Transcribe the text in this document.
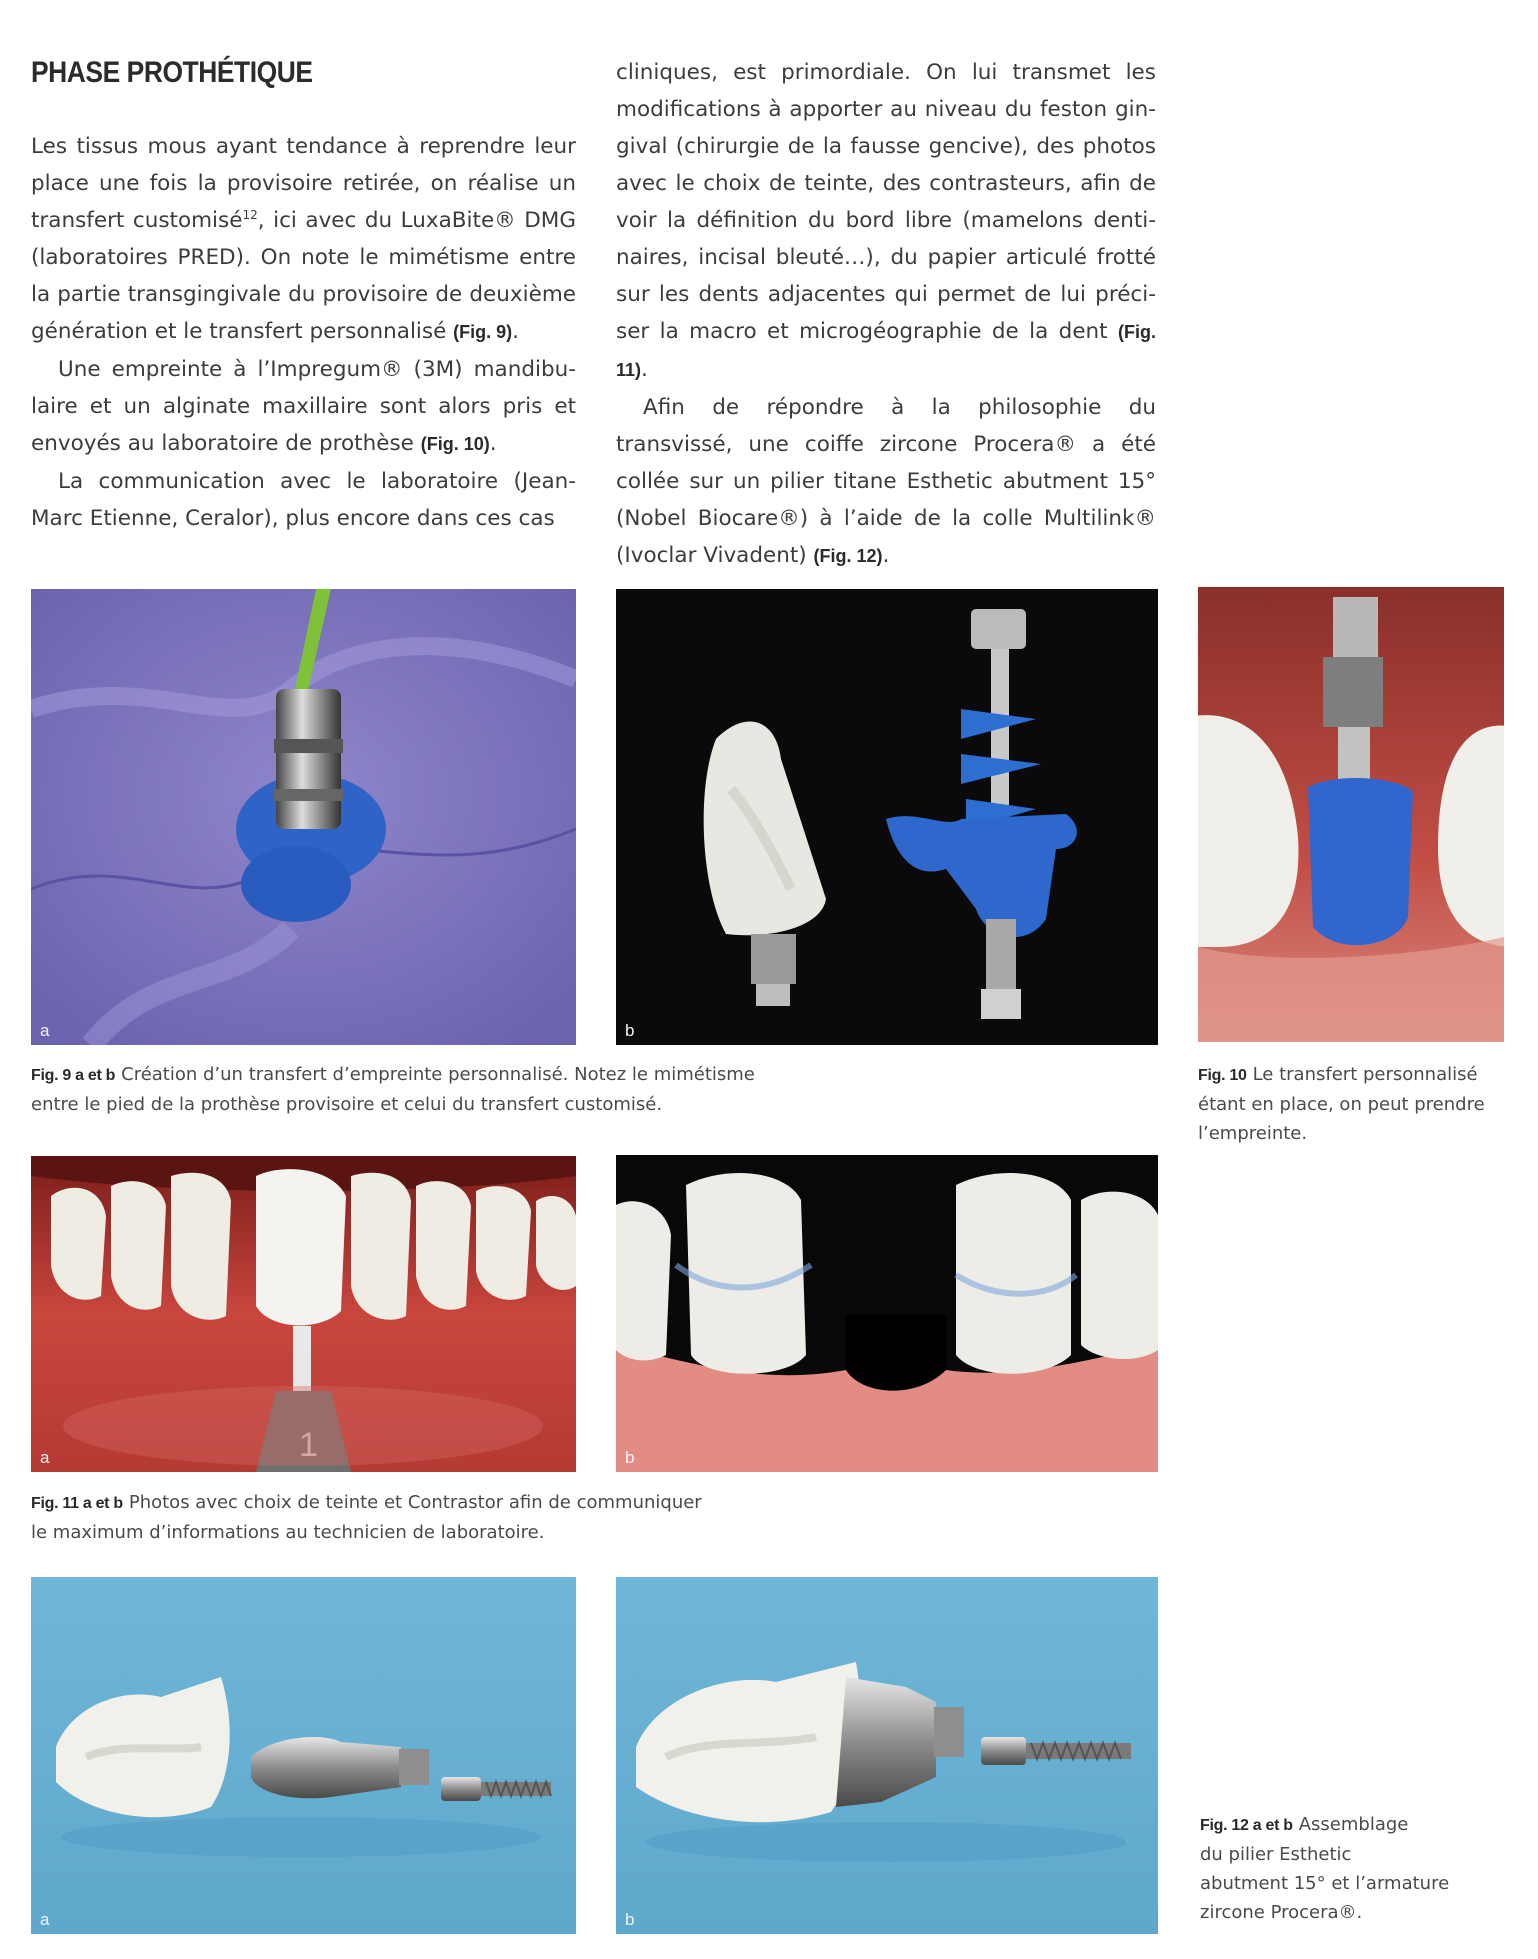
PHASE PROTHÉTIQUE

Les tissus mous ayant tendance à reprendre leur place une fois la provisoire retirée, on réalise un transfert customisé$^{12}$, ici avec du LuxaBite® DMG (laboratoires PRED). On note le mimétisme entre la partie transgingivale du provisoire de deuxième génération et le transfert personnalisé (Fig. 9).

Une empreinte à l’Impregum® (3M) mandibulaire et un alginate maxillaire sont alors pris et envoyés au laboratoire de prothèse (Fig. 10).

La communication avec le laboratoire (Jean-Marc Etienne, Ceralor), plus encore dans ces cas

cliniques, est primordiale. On lui transmet les modifications à apporter au niveau du feston gingival (chirurgie de la fausse gencive), des photos avec le choix de teinte, des contrasteurs, afin de voir la définition du bord libre (mamelons dentinaires, incisal bleuté…), du papier articulé frotté sur les dents adjacentes qui permet de lui préciser la macro et microgéographie de la dent (Fig. 11).

Afin de répondre à la philosophie du transvissé, une coiffe zircone Procera® a été collée sur un pilier titane Esthetic abutment 15° (Nobel Biocare®) à l’aide de la colle Multilink® (Ivoclar Vivadent) (Fig. 12).

a	b
Fig. 9 a et b Création d’un transfert d’empreinte personnalisé. Notez le mimétisme
entre le pied de la prothèse provisoire et celui du transfert customisé.
Fig. 10 Le transfert personnalisé
étant en place, on peut prendre
l’empreinte.
1
a	b
Fig. 11 a et b Photos avec choix de teinte et Contrastor afin de communiquer
le maximum d’informations au technicien de laboratoire.
a	b
Fig. 12 a et b Assemblage
du pilier Esthetic
abutment 15° et l’armature
zircone Procera®.
